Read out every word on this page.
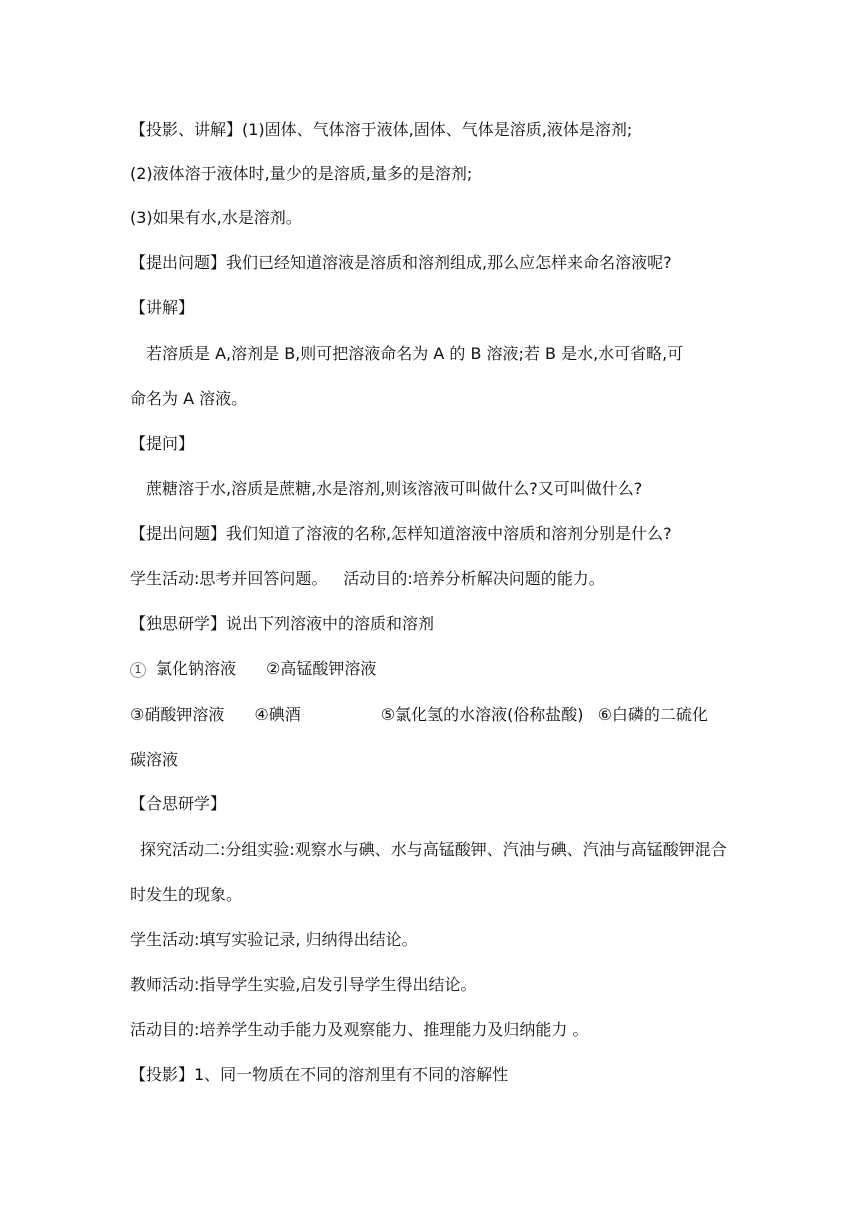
【投影、讲解】(1)固体、气体溶于液体,固体、气体是溶质,液体是溶剂;
(2)液体溶于液体时,量少的是溶质,量多的是溶剂;
(3)如果有水,水是溶剂。
【提出问题】我们已经知道溶液是溶质和溶剂组成,那么应怎样来命名溶液呢?
【讲解】
若溶质是 A,溶剂是 B,则可把溶液命名为 A 的 B 溶液;若 B 是水,水可省略,可
命名为 A 溶液。
【提问】
蔗糖溶于水,溶质是蔗糖,水是溶剂,则该溶液可叫做什么?又可叫做什么?
【提出问题】我们知道了溶液的名称,怎样知道溶液中溶质和溶剂分别是什么?
学生活动:思考并回答问题。 活动目的:培养分析解决问题的能力。
【独思研学】说出下列溶液中的溶质和溶剂
1 氯化钠溶液 ②高锰酸钾溶液
③硝酸钾溶液 ④碘酒	⑤氯化氢的水溶液(俗称盐酸) ⑥白磷的二硫化
碳溶液
【合思研学】
探究活动二:分组实验:观察水与碘、水与高锰酸钾、汽油与碘、汽油与高锰酸钾混合
时发生的现象。
学生活动:填写实验记录, 归纳得出结论。
教师活动:指导学生实验,启发引导学生得出结论。
活动目的:培养学生动手能力及观察能力、推理能力及归纳能力 。
【投影】1、同一物质在不同的溶剂里有不同的溶解性
